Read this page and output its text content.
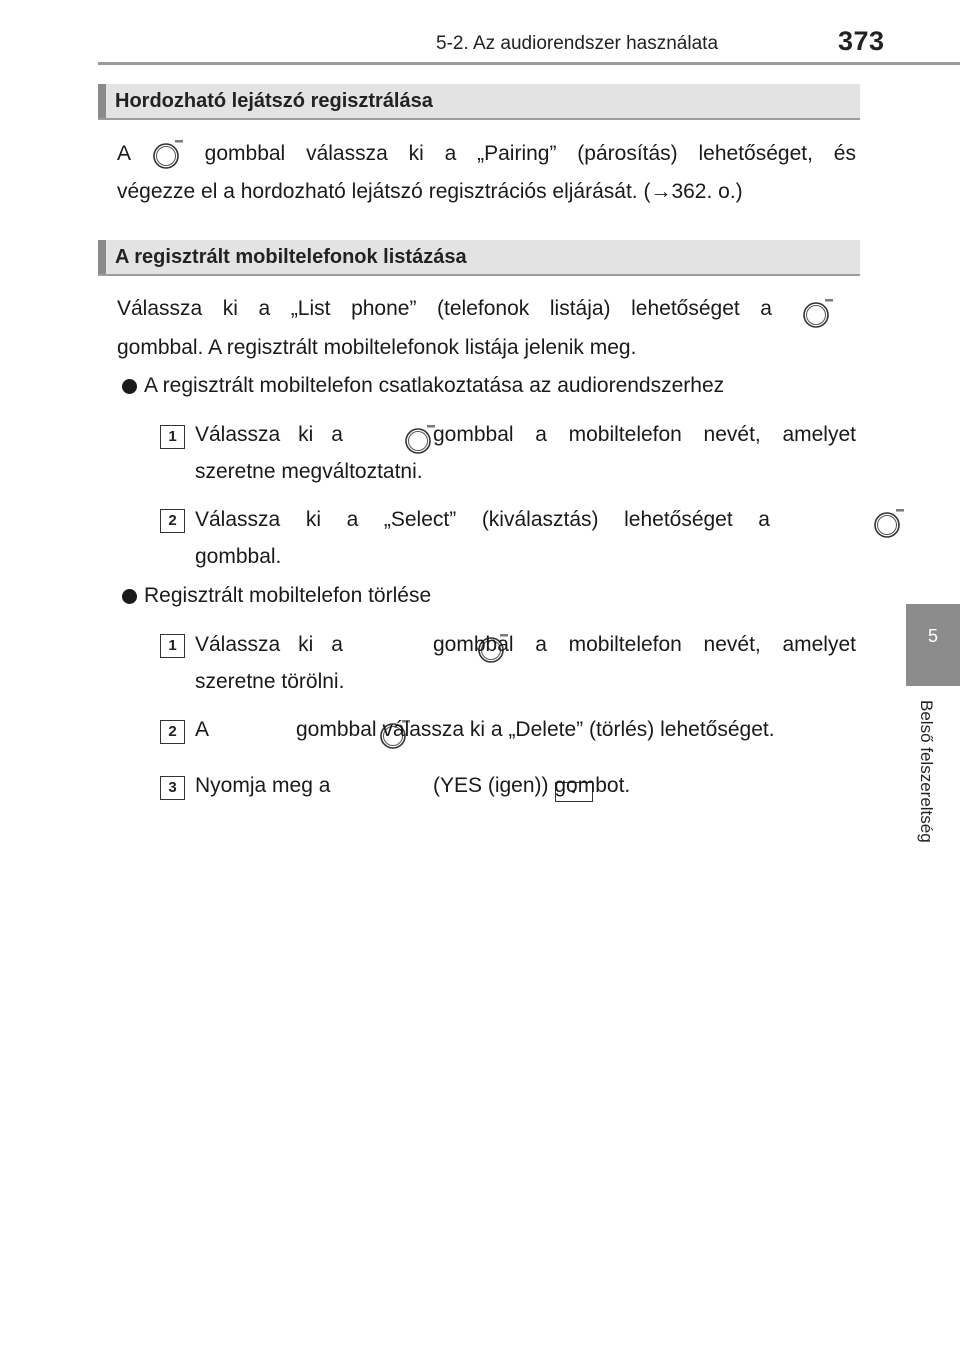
5-2. Az audiorendszer használata	373
5
Belső felszereltség
Hordozható lejátszó regisztrálása
A	gombbal válassza ki a „Pairing” (párosítás) lehetőséget, és
végezze el a hordozható lejátszó regisztrációs eljárását. (→362. o.)
A regisztrált mobiltelefonok listázása
Válassza ki a „List phone” (telefonok listája) lehetőséget a

gombbal. A regisztrált mobiltelefonok listája jelenik meg.
A regisztrált mobiltelefon csatlakoztatása az audiorendszerhez
1 Válassza ki a
	gombbal a mobiltelefon nevét, amelyet
szeretne megváltoztatni.
2 Válassza ki a „Select” (kiválasztás) lehetőséget a

gombbal.
Regisztrált mobiltelefon törlése
1 Válassza ki a
	gombbal a mobiltelefon nevét, amelyet
szeretne törölni.
2 A
	gombbal válassza ki a „Delete” (törlés) lehetőséget.
3 Nyomja meg a	(YES (igen)) gombot.
